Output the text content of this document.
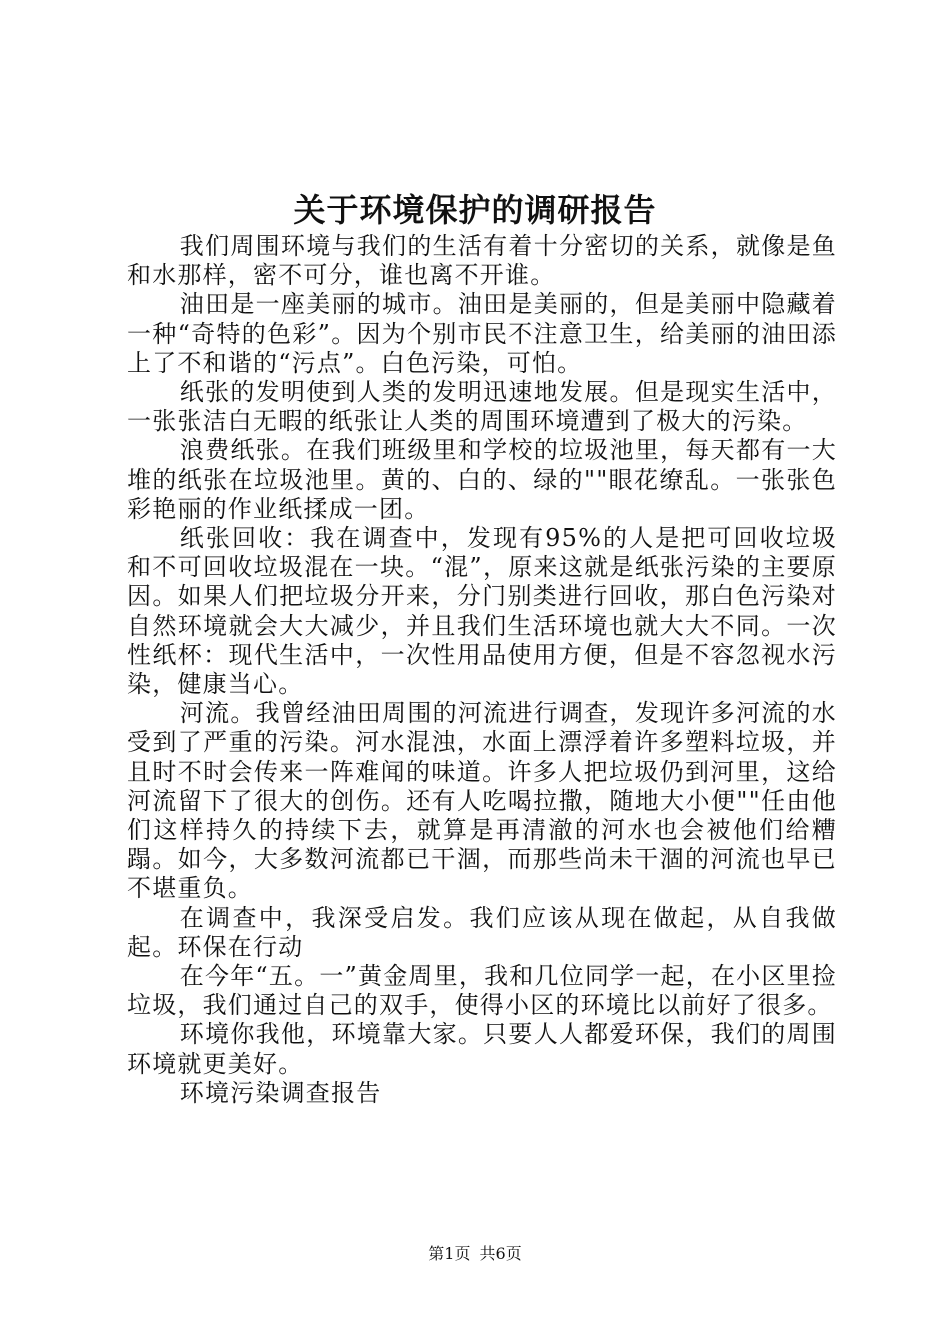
关于环境保护的调研报告

我们周围环境与我们的生活有着十分密切的关系，就像是鱼和水那样，密不可分，谁也离不开谁。

油田是一座美丽的城市。油田是美丽的，但是美丽中隐藏着一种“奇特的色彩”。因为个别市民不注意卫生，给美丽的油田添上了不和谐的“污点”。白色污染，可怕。

纸张的发明使到人类的发明迅速地发展。但是现实生活中，一张张洁白无暇的纸张让人类的周围环境遭到了极大的污染。

浪费纸张。在我们班级里和学校的垃圾池里，每天都有一大堆的纸张在垃圾池里。黄的、白的、绿的""眼花缭乱。一张张色彩艳丽的作业纸揉成一团。

纸张回收：我在调查中，发现有95%的人是把可回收垃圾和不可回收垃圾混在一块。“混”，原来这就是纸张污染的主要原因。如果人们把垃圾分开来，分门别类进行回收，那白色污染对自然环境就会大大减少，并且我们生活环境也就大大不同。一次性纸杯：现代生活中，一次性用品使用方便，但是不容忽视水污染，健康当心。

河流。我曾经油田周围的河流进行调查，发现许多河流的水受到了严重的污染。河水混浊，水面上漂浮着许多塑料垃圾，并且时不时会传来一阵难闻的味道。许多人把垃圾仍到河里，这给河流留下了很大的创伤。还有人吃喝拉撒，随地大小便""任由他们这样持久的持续下去，就算是再清澈的河水也会被他们给糟蹋。如今，大多数河流都已干涸，而那些尚未干涸的河流也早已不堪重负。

在调查中，我深受启发。我们应该从现在做起，从自我做起。环保在行动

在今年“五。一”黄金周里，我和几位同学一起，在小区里捡垃圾，我们通过自己的双手，使得小区的环境比以前好了很多。

环境你我他，环境靠大家。只要人人都爱环保，我们的周围环境就更美好。

环境污染调查报告

第1页 共6页
